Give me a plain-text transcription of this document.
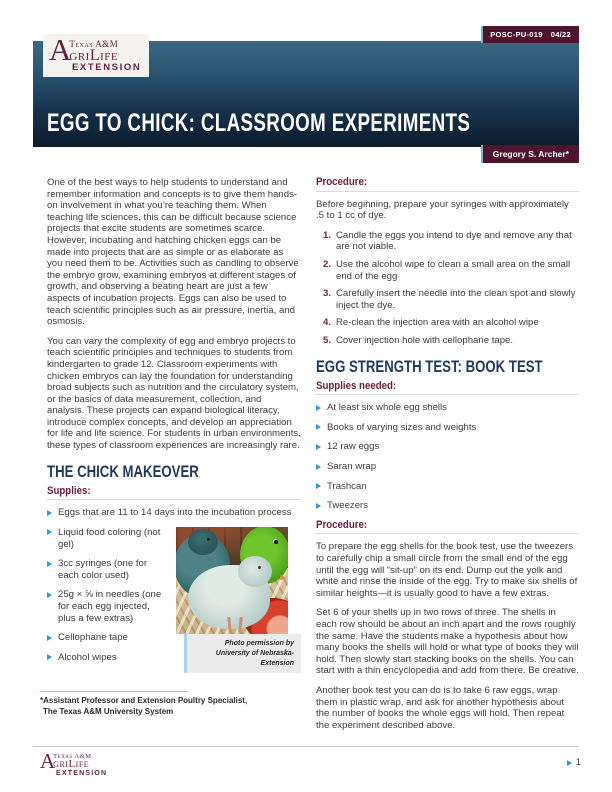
A
Texas A&M
griLife
EXTENSION
POSC-PU-019 04/22
EGG TO CHICK: CLASSROOM EXPERIMENTS
Gregory S. Archer*

One of the best ways to help students to understand and remember information and concepts is to give them hands-on involvement in what you’re teaching them. When teaching life sciences, this can be difficult because science projects that excite students are sometimes scarce. However, incubating and hatching chicken eggs can be made into projects that are as simple or as elaborate as you need them to be. Activities such as candling to observe the embryo grow, examining embryos at different stages of growth, and observing a beating heart are just a few aspects of incubation projects. Eggs can also be used to teach scientific principles such as air pressure, inertia, and osmosis.

You can vary the complexity of egg and embryo projects to teach scientific principles and techniques to students from kindergarten to grade 12. Classroom experiments with chicken embryos can lay the foundation for understanding broad subjects such as nutrition and the circulatory system, or the basics of data measurement, collection, and analysis. These projects can expand biological literacy, introduce complex concepts, and develop an appreciation for life and life science. For students in urban environments, these types of classroom experiences are increasingly rare.

THE CHICK MAKEOVER
Supplies:
Eggs that are 11 to 14 days into the incubation process
Liquid food coloring (not gel)
3cc syringes (one for each color used)
25g × ⅝ in needles (one for each egg injected, plus a few extras)
Cellophane tape
Alcohol wipes
Photo permission by University of Nebraska-Extension
Procedure:

Before beginning, prepare your syringes with approximately .5 to 1 cc of dye.

1. Candle the eggs you intend to dye and remove any that are not viable.
2. Use the alcohol wipe to clean a small area on the small end of the egg
3. Carefully insert the needle into the clean spot and slowly inject the dye.
4. Re-clean the injection area with an alcohol wipe
5. Cover injection hole with cellophane tape.
EGG STRENGTH TEST: BOOK TEST
Supplies needed:
At least six whole egg shells
Books of varying sizes and weights
12 raw eggs
Saran wrap
Trashcan
Tweezers
Procedure:

To prepare the egg shells for the book test, use the tweezers to carefully chip a small circle from the small end of the egg until the egg will “sit-up” on its end. Dump out the yolk and white and rinse the inside of the egg. Try to make six shells of similar heights—it is usually good to have a few extras.

Set 6 of your shells up in two rows of three. The shells in each row should be about an inch apart and the rows roughly the same. Have the students make a hypothesis about how many books the shells will hold or what type of books they will hold. Then slowly start stacking books on the shells. You can start with a thin encyclopedia and add from there. Be creative.

Another book test you can do is to take 6 raw eggs, wrap them in plastic wrap, and ask for another hypothesis about the number of books the whole eggs will hold. Then repeat the experiment described above.

*Assistant Professor and Extension Poultry Specialist,
The Texas A&M University System
A
Texas A&M
griLife
EXTENSION
1
